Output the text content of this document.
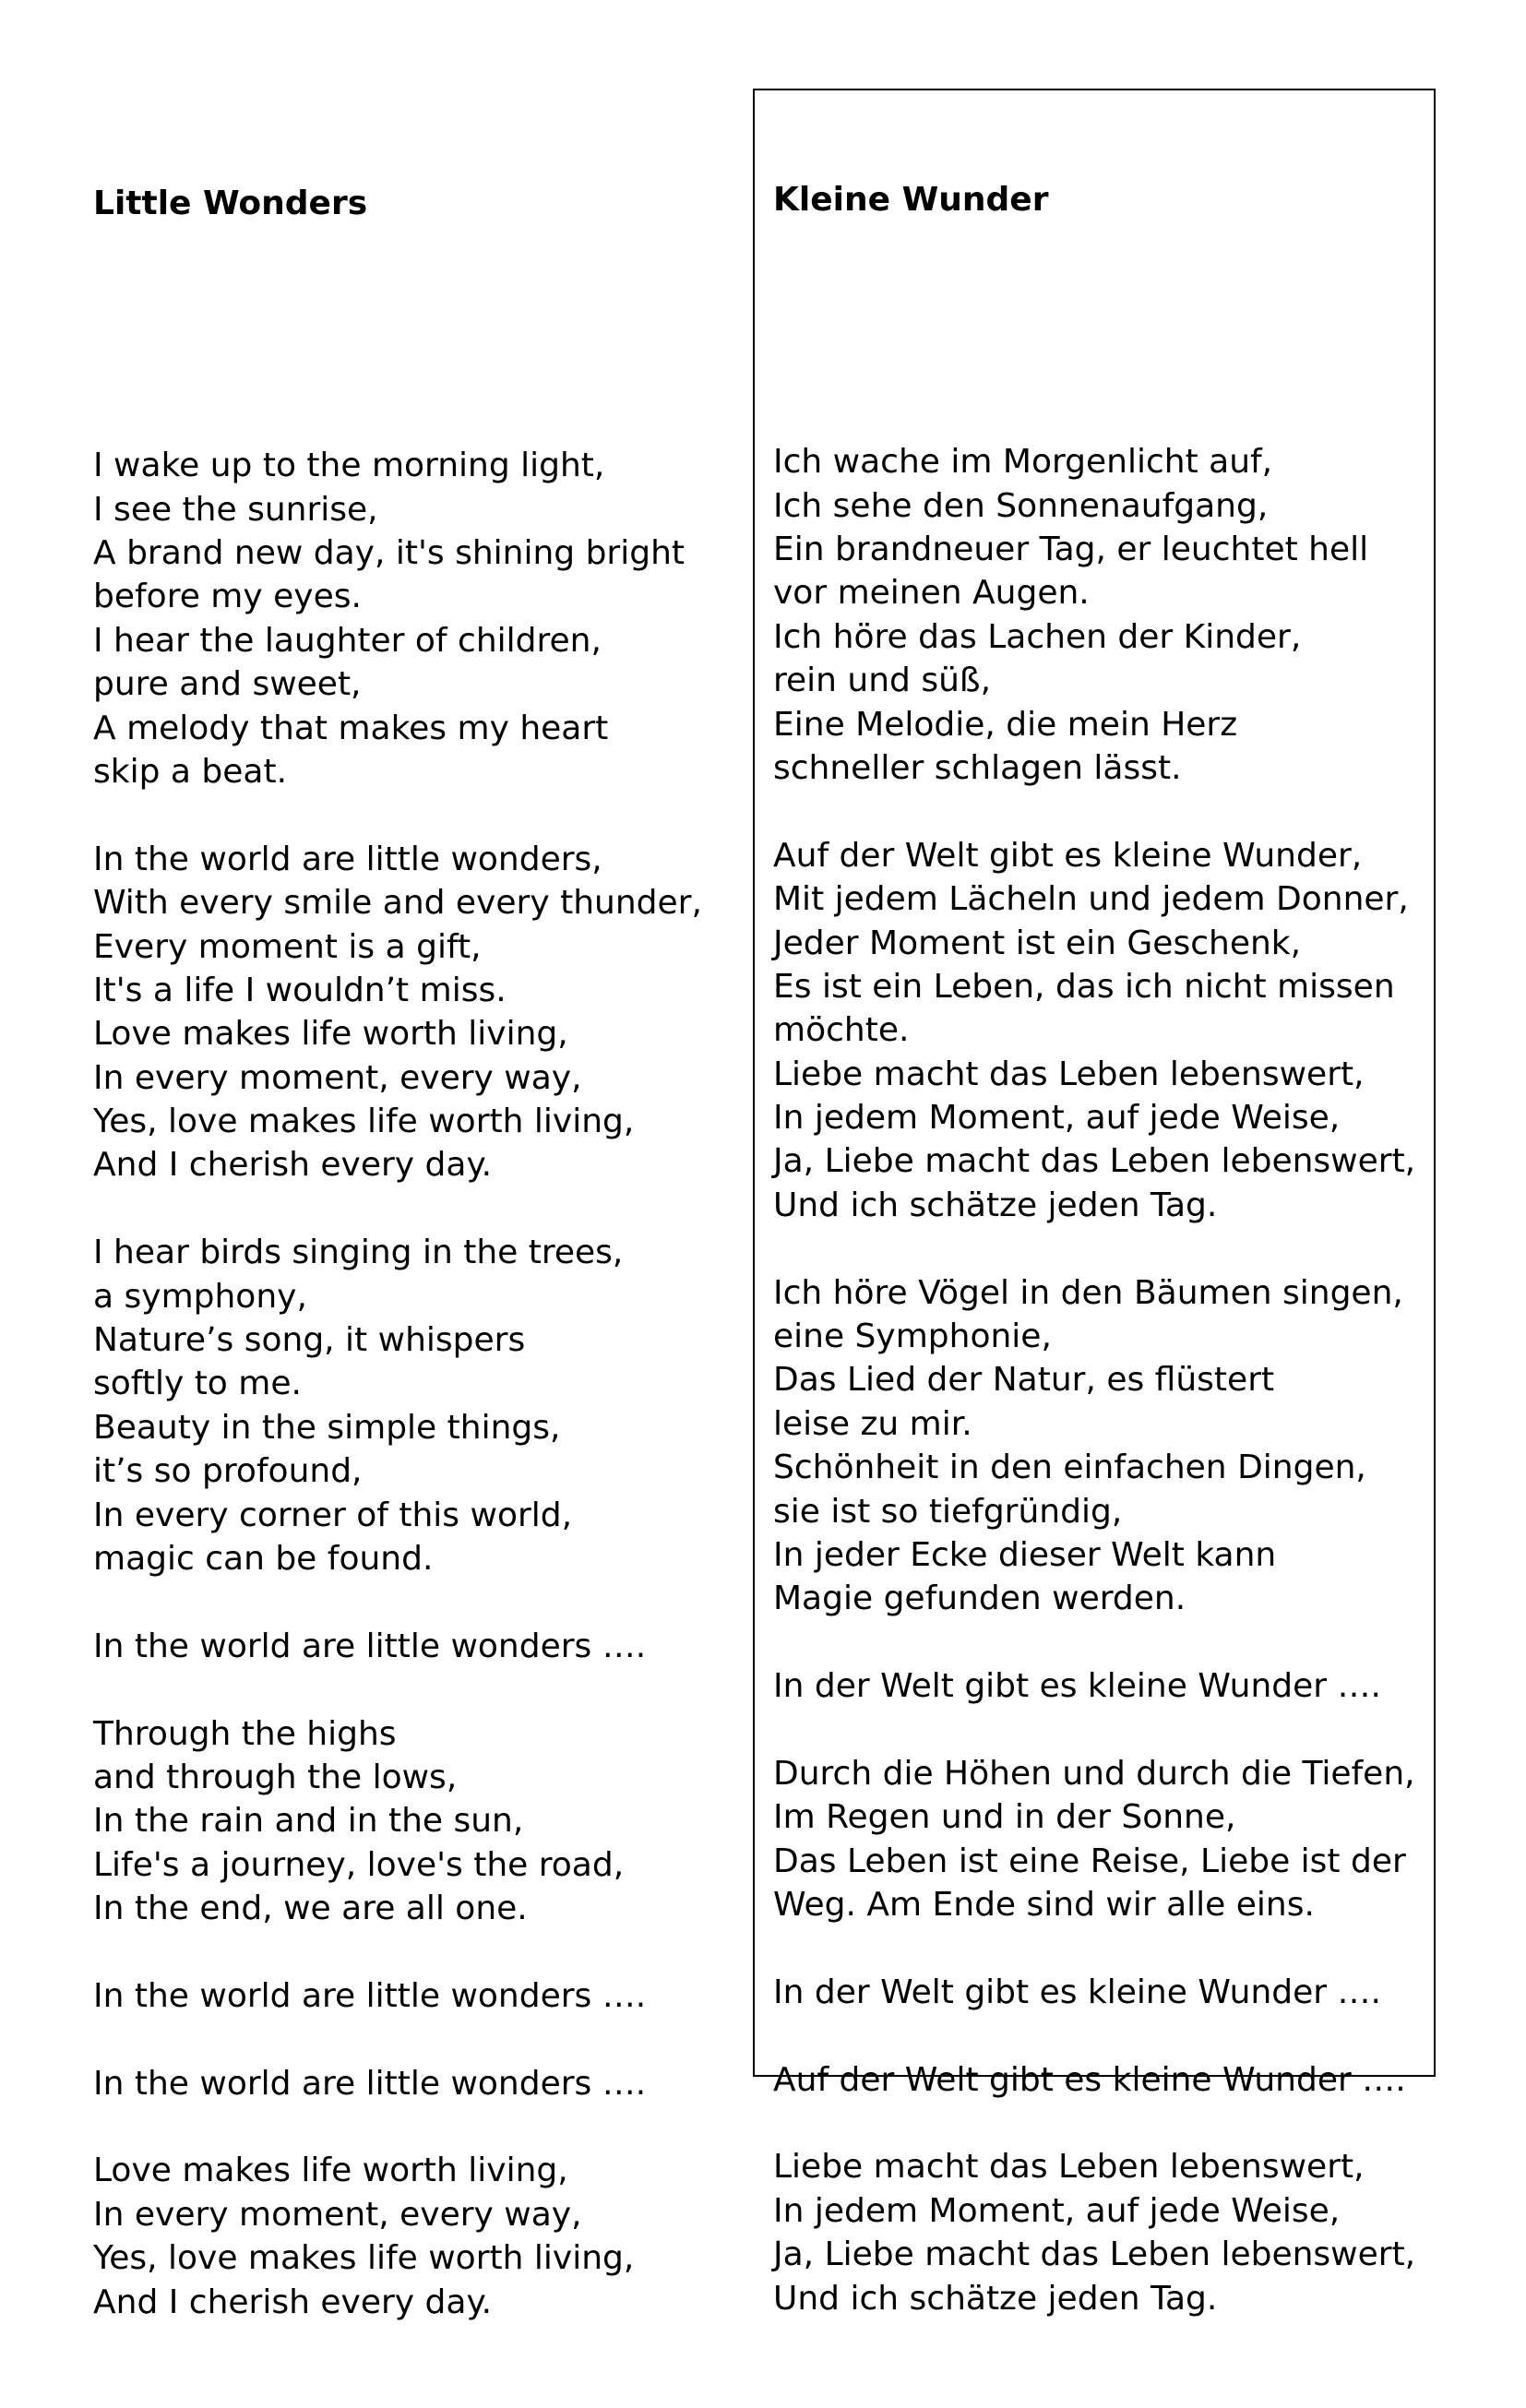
Little Wonders

I wake up to the morning light,
I see the sunrise,
A brand new day, it's shining bright
before my eyes.
I hear the laughter of children,
pure and sweet,
A melody that makes my heart
skip a beat.
In the world are little wonders,
With every smile and every thunder,
Every moment is a gift,
It's a life I wouldn’t miss.
Love makes life worth living,
In every moment, every way,
Yes, love makes life worth living,
And I cherish every day.
I hear birds singing in the trees,
a symphony,
Nature’s song, it whispers
softly to me.
Beauty in the simple things,
it’s so profound,
In every corner of this world,
magic can be found.
In the world are little wonders ….
Through the highs
and through the lows,
In the rain and in the sun,
Life's a journey, love's the road,
In the end, we are all one.
In the world are little wonders ….
In the world are little wonders ….
Love makes life worth living,
In every moment, every way,
Yes, love makes life worth living,
And I cherish every day.

Kleine Wunder

Ich wache im Morgenlicht auf,
Ich sehe den Sonnenaufgang,
Ein brandneuer Tag, er leuchtet hell
vor meinen Augen.
Ich höre das Lachen der Kinder,
rein und süß,
Eine Melodie, die mein Herz
schneller schlagen lässt.
Auf der Welt gibt es kleine Wunder,
Mit jedem Lächeln und jedem Donner,
Jeder Moment ist ein Geschenk,
Es ist ein Leben, das ich nicht missen
möchte.
Liebe macht das Leben lebenswert,
In jedem Moment, auf jede Weise,
Ja, Liebe macht das Leben lebenswert,
Und ich schätze jeden Tag.
Ich höre Vögel in den Bäumen singen,
eine Symphonie,
Das Lied der Natur, es flüstert
leise zu mir.
Schönheit in den einfachen Dingen,
sie ist so tiefgründig,
In jeder Ecke dieser Welt kann
Magie gefunden werden.
In der Welt gibt es kleine Wunder ….
Durch die Höhen und durch die Tiefen,
Im Regen und in der Sonne,
Das Leben ist eine Reise, Liebe ist der
Weg. Am Ende sind wir alle eins.
In der Welt gibt es kleine Wunder ….
Auf der Welt gibt es kleine Wunder ….
Liebe macht das Leben lebenswert,
In jedem Moment, auf jede Weise,
Ja, Liebe macht das Leben lebenswert,
Und ich schätze jeden Tag.
